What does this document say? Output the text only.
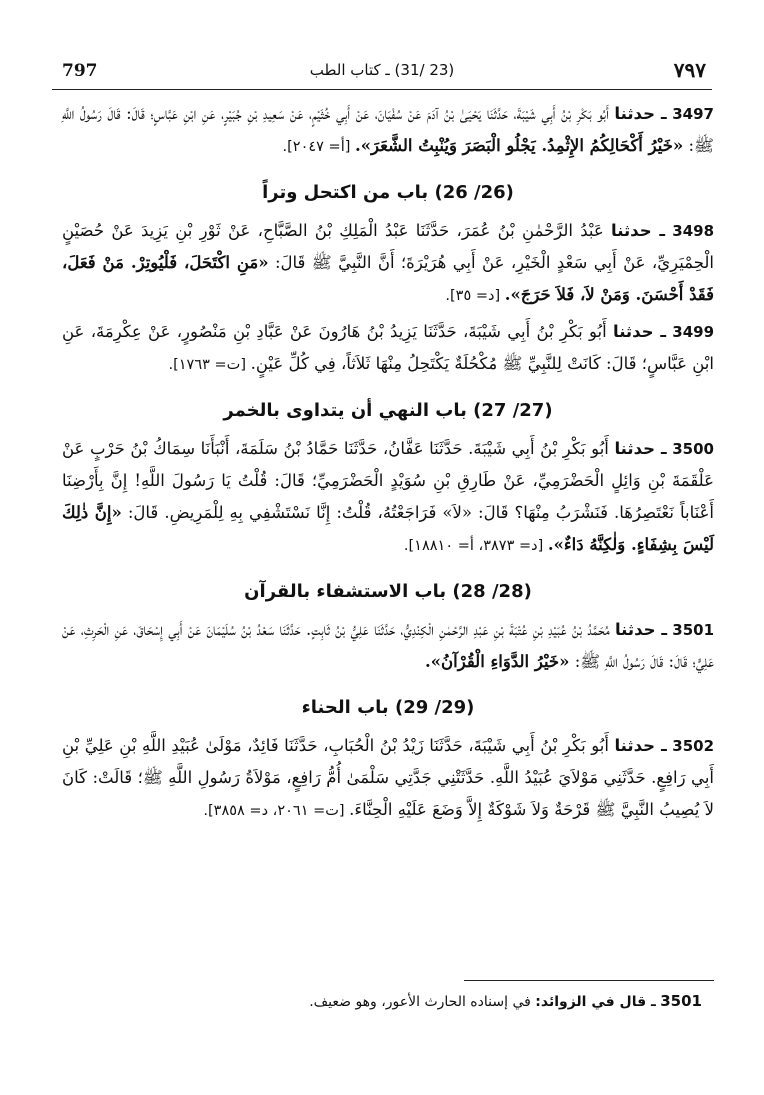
797	(23 /31) ـ كتاب الطب	٧٩٧

3497 ـ حدثنا أَبُو بَكْرِ بْنُ أَبِي شَيْبَةَ، حَدَّثَنَا يَحْيَىٰ بْنُ آدَمَ عَنْ سُفْيَانَ، عَنْ أَبِي خُثَيْمٍ، عَنْ سَعِيدِ بْنِ جُبَيْرٍ، عَنِ ابْنِ عَبَّاسٍ؛ قَالَ: قَالَ رَسُولُ اللَّهِ ﷺ: «خَيْرُ أَكْحَالِكُمُ الإِثْمِدُ. يَجْلُو الْبَصَرَ وَيُنْبِتُ الشَّعَرَ». [أ= ٢٠٤٧].

(26/ 26) باب من اكتحل وتراً

3498 ـ حدثنا عَبْدُ الرَّحْمٰنِ بْنُ عُمَرَ، حَدَّثَنَا عَبْدُ الْمَلِكِ بْنُ الصَّبَّاحِ، عَنْ ثَوْرِ بْنِ يَزِيدَ عَنْ حُصَيْنٍ الْحِمْيَرِيِّ، عَنْ أَبِي سَعْدٍ الْخَيْرِ، عَنْ أَبِي هُرَيْرَةَ؛ أَنَّ النَّبِيَّ ﷺ قَالَ: «مَنِ اكْتَحَلَ، فَلْيُوتِرْ. مَنْ فَعَلَ، فَقَدْ أَحْسَنَ. وَمَنْ لاَ، فَلاَ حَرَجَ». [د= ٣٥].

3499 ـ حدثنا أَبُو بَكْرِ بْنُ أَبِي شَيْبَةَ، حَدَّثَنَا يَزِيدُ بْنُ هَارُونَ عَنْ عَبَّادِ بْنِ مَنْصُورٍ، عَنْ عِكْرِمَةَ، عَنِ ابْنِ عَبَّاسٍ؛ قَالَ: كَانَتْ لِلنَّبِيِّ ﷺ مُكْحُلَةٌ يَكْتَحِلُ مِنْهَا ثَلاَثاً، فِي كُلِّ عَيْنٍ. [ت= ١٧٦٣].

(27/ 27) باب النهي أن يتداوى بالخمر

3500 ـ حدثنا أَبُو بَكْرِ بْنُ أَبِي شَيْبَةَ. حَدَّثَنَا عَفَّانُ، حَدَّثَنَا حَمَّادُ بْنُ سَلَمَةَ، أَنْبَأَنَا سِمَاكُ بْنُ حَرْبٍ عَنْ عَلْقَمَةَ بْنِ وَائِلٍ الْحَضْرَمِيِّ، عَنْ طَارِقِ بْنِ سُوَيْدٍ الْحَضْرَمِيِّ؛ قَالَ: قُلْتُ يَا رَسُولَ اللَّهِ! إِنَّ بِأَرْضِنَا أَعْنَاباً نَعْتَصِرُهَا. فَنَشْرَبُ مِنْهَا؟ قَالَ: «لاَ» فَرَاجَعْتُهُ، قُلْتُ: إِنَّا نَسْتَشْفِي بِهِ لِلْمَرِيضِ. قَالَ: «إِنَّ ذٰلِكَ لَيْسَ بِشِفَاءٍ. وَلٰكِنَّهُ دَاءٌ». [د= ٣٨٧٣، أ= ١٨٨١٠].

(28/ 28) باب الاستشفاء بالقرآن

3501 ـ حدثنا مُحَمَّدُ بْنُ عُبَيْدِ بْنِ عُتْبَةَ بْنِ عَبْدِ الرَّحْمٰنِ الْكِنْدِيُّ، حَدَّثَنَا عَلِيُّ بْنُ ثَابِتٍ. حَدَّثَنَا سَعْدُ بْنُ سُلَيْمَانَ عَنْ أَبِي إِسْحَاقَ، عَنِ الْحَرِثِ، عَنْ عَلِيٍّ؛ قَالَ: قَالَ رَسُولُ اللَّهِ ﷺ: «خَيْرُ الدَّوَاءِ الْقُرْآنُ».

(29/ 29) باب الحناء

3502 ـ حدثنا أَبُو بَكْرِ بْنُ أَبِي شَيْبَةَ، حَدَّثَنَا زَيْدُ بْنُ الْحُبَابِ، حَدَّثَنَا فَائِدٌ، مَوْلَىٰ عُبَيْدِ اللَّهِ بْنِ عَلِيِّ بْنِ أَبِي رَافِعٍ. حَدَّثَنِي مَوْلاَيَ عُبَيْدُ اللَّهِ. حَدَّثَتْنِي جَدَّتِي سَلْمَىٰ أُمُّ رَافِعٍ، مَوْلاَةُ رَسُولِ اللَّهِ ﷺ؛ قَالَتْ: كَانَ لاَ يُصِيبُ النَّبِيَّ ﷺ قَرْحَةٌ وَلاَ شَوْكَةٌ إِلاَّ وَضَعَ عَلَيْهِ الْحِنَّاءَ. [ت= ٢٠٦١، د= ٣٨٥٨].

3501 ـ قال في الزوائد: في إسناده الحارث الأعور، وهو ضعيف.
